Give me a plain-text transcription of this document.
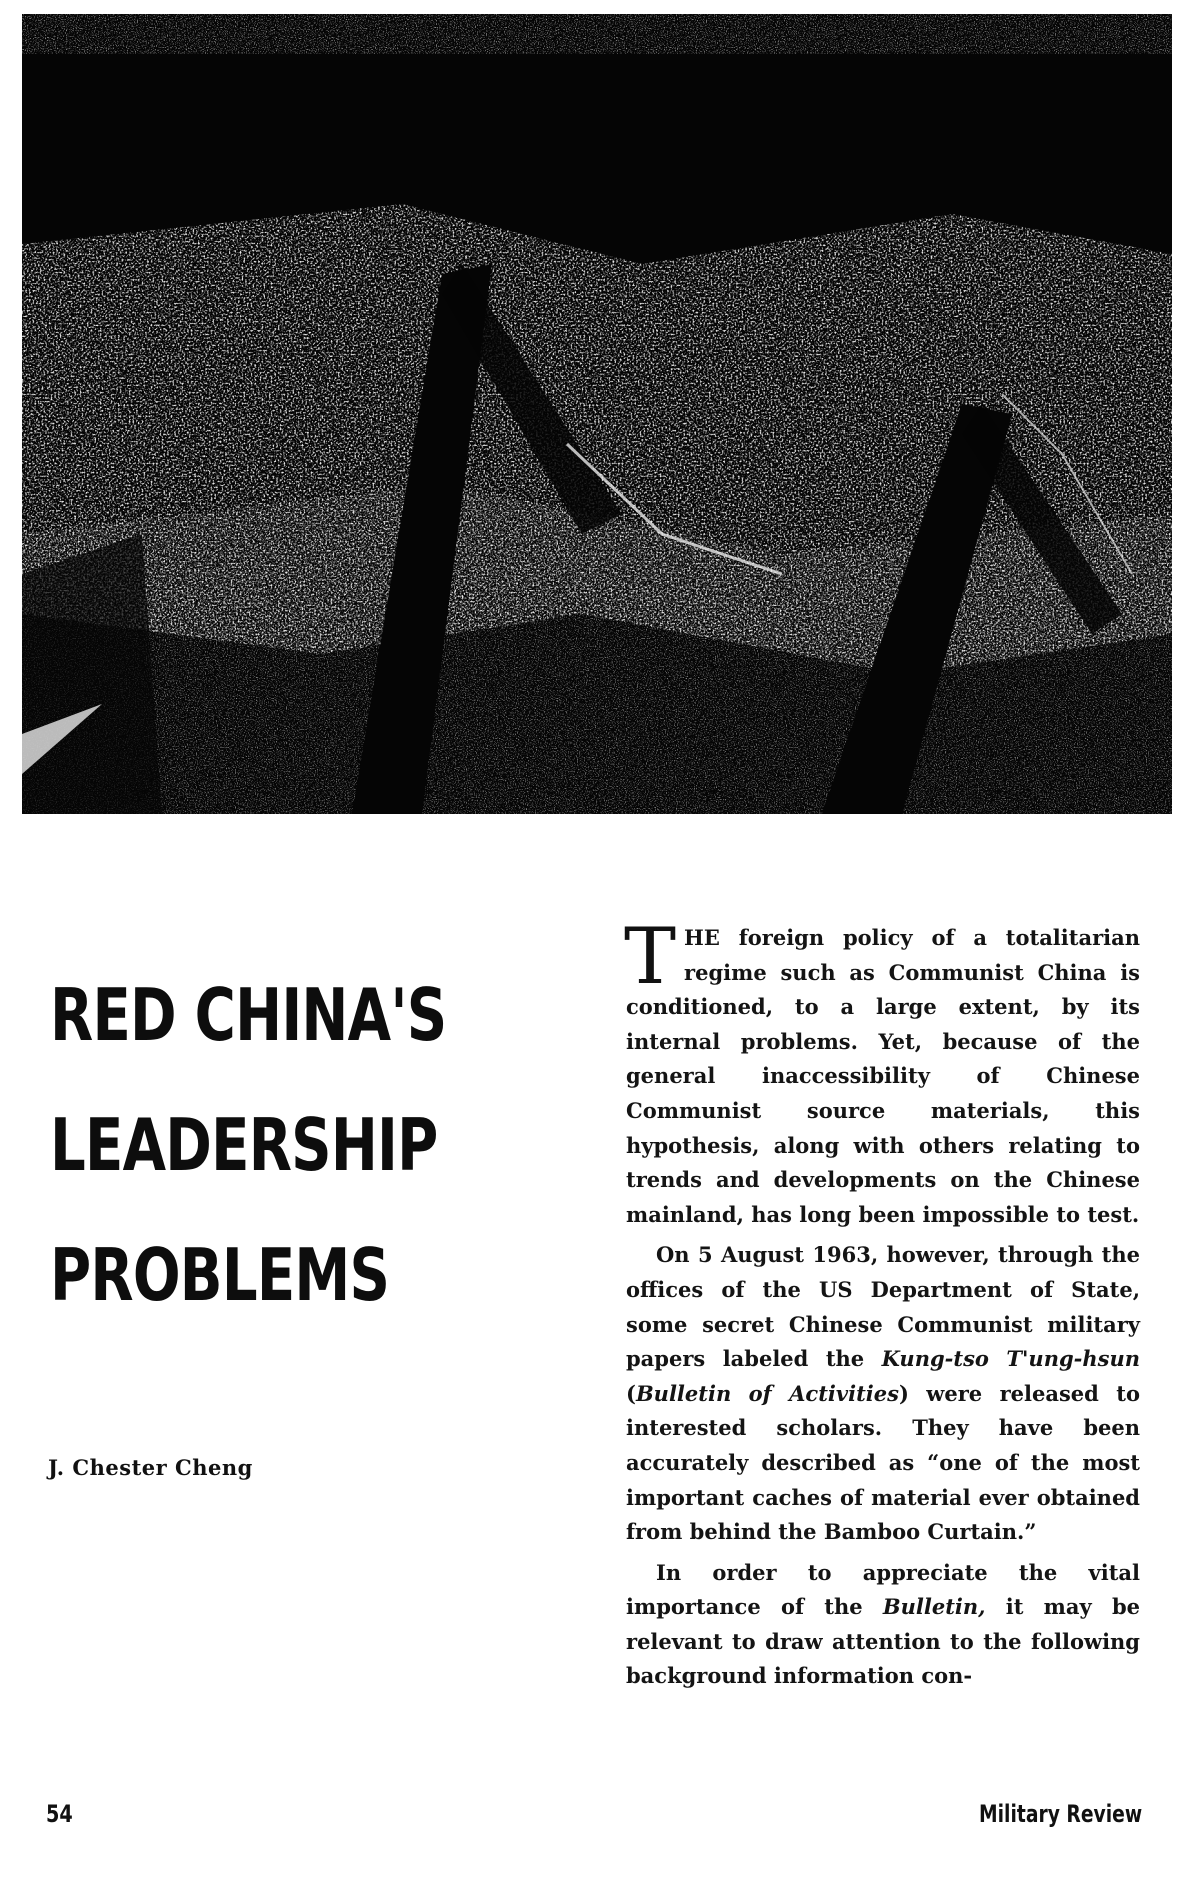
RED CHINA'S
LEADERSHIP
PROBLEMS
J. Chester Cheng

THE foreign policy of a totalitarian regime such as Communist China is conditioned, to a large extent, by its internal problems. Yet, because of the general inaccessibility of Chinese Communist source materials, this hypothesis, along with others relating to trends and developments on the Chinese mainland, has long been impossible to test.

On 5 August 1963, however, through the offices of the US Department of State, some secret Chinese Communist military papers labeled the Kung-tso T'ung-hsun (Bulletin of Activities) were released to interested scholars. They have been accurately described as “one of the most important caches of material ever obtained from behind the Bamboo Curtain.”

In order to appreciate the vital importance of the Bulletin, it may be relevant to draw attention to the following background information con-

54	Military Review
